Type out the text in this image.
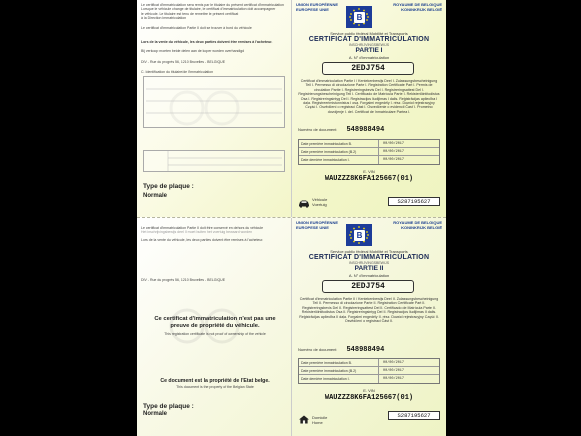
Le certificat d'immatriculation sera remis par le titulaire du présent certificat d'immatriculation
Lorsque le véhicule change de titulaire, le certificat d'immatriculation doit accompagner
le véhicule. Le titulaire est tenu de remettre le présent certificat
à la Direction Immatriculation
Le certificat d'immatriculation Partie II doit se trouver à bord du véhicule
Lors de la vente du véhicule, les deux parties doivent être remises à l'acheteur.
Bij verkoop moeten beide delen aan de koper worden overhandigd
DIV - Rue du progrès 56, 1210 Bruxelles - BELGIQUE
C. Identification du titulaire/de l'immatriculation
Type de plaque :
Normale
UNION EUROPÉENNE
EUROPESE UNIE
B
ROYAUME DE BELGIQUE
KONINKRIJK BELGIË
Service public fédéral Mobilité et Transports
CERTIFICAT D'IMMATRICULATION
INSCHRIJVINGSBEWIJS
PARTIE I
A. N° d'immatriculation
2EDJ754
Certificat d'immatriculation Partie I / Kentekenbewijs Deel I. Zulassungsbescheinigung Teil I. Permesso di circolazione Parte I. Registration Certificate Part I. Permis de circulation Partie I. Registreringsbevis Del I. Registreringsattest Del I. Registrierungsbescheinigung Teil I. Certificado de Matrícula Parte I. Rekisteriöintitodistus Osa I. Registreringsintyg Del I. Registracijos liudijimas I dalis. Reģistrācijas apliecība I daļa. Registreerimistunnistus I osa. Forgalmi engedély I. rész. Dowód rejestracyjny Część I. Osvědčení o registraci Část I. Osvedčenie o evidencii Časť I. Prometno dovoljenje I. del. Certificat de înmatriculare Partea I.
Numéro de document 548988494
Date première immatriculation B.	00/00/2017
Date première immatriculation (B.2)	00/00/2017
Date dernière immatriculation I.	00/00/2017
E. VIN
WAUZZZ8K6FA125667(01)
Véhicule
Voertuig	S287195627
Le certificat d'immatriculation Partie II doit être conservé en dehors du véhicule
Het inschrijvingsbewijs deel II moet buiten het voertuig bewaard worden
Lors de la vente du véhicule, les deux parties doivent être remises à l'acheteur.
DIV - Rue du progrès 56, 1210 Bruxelles - BELGIQUE
Ce certificat d'immatriculation n'est pas une preuve de propriété du véhicule.
This registration certificate is not proof of ownership of the vehicle
Ce document est la propriété de l'Etat belge.
This document is the property of the Belgian State
Type de plaque :
Normale
UNION EUROPÉENNE
EUROPESE UNIE
B
ROYAUME DE BELGIQUE
KONINKRIJK BELGIË
Service public fédéral Mobilité et Transports
CERTIFICAT D'IMMATRICULATION
INSCHRIJVINGSBEWIJS
PARTIE II
A. N° d'immatriculation
2EDJ754
Certificat d'immatriculation Partie II / Kentekenbewijs Deel II. Zulassungsbescheinigung Teil II. Permesso di circolazione Parte II. Registration Certificate Part II. Registreringsbevis Del II. Registreringsattest Del II. Certificado de Matrícula Parte II. Rekisteriöintitodistus Osa II. Registreringsintyg Del II. Registracijos liudijimas II dalis. Reģistrācijas apliecība II daļa. Forgalmi engedély II. rész. Dowód rejestracyjny Część II. Osvědčení o registraci Část II.
Numéro de document 548988494
Date première immatriculation B.	00/00/2017
Date première immatriculation (B.2)	00/00/2017
Date dernière immatriculation I.	00/00/2017
E. VIN
WAUZZZ8K6FA125667(01)
Domicile
Home
S287195627
